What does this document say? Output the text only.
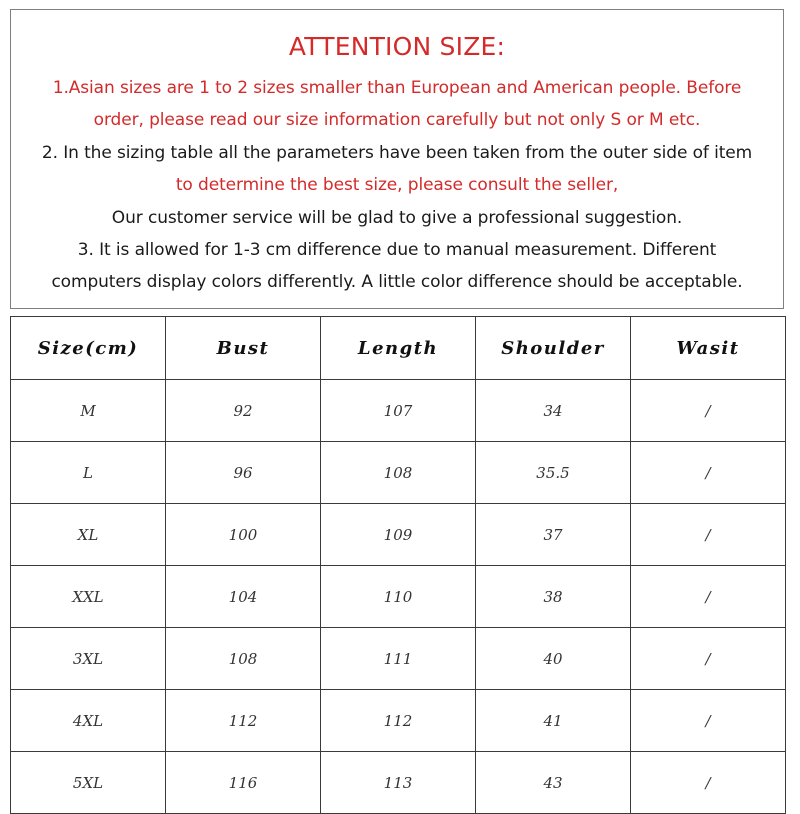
ATTENTION SIZE:
1.Asian sizes are 1 to 2 sizes smaller than European and American people. Before
order, please read our size information carefully but not only S or M etc.
2. In the sizing table all the parameters have been taken from the outer side of item
to determine the best size, please consult the seller,
Our customer service will be glad to give a professional suggestion.
3. It is allowed for 1-3 cm difference due to manual measurement. Different
computers display colors differently. A little color difference should be acceptable.
Size(cm)	Bust	Length	Shoulder	Wasit
M	92	107	34	/
L	96	108	35.5	/
XL	100	109	37	/
XXL	104	110	38	/
3XL	108	111	40	/
4XL	112	112	41	/
5XL	116	113	43	/
